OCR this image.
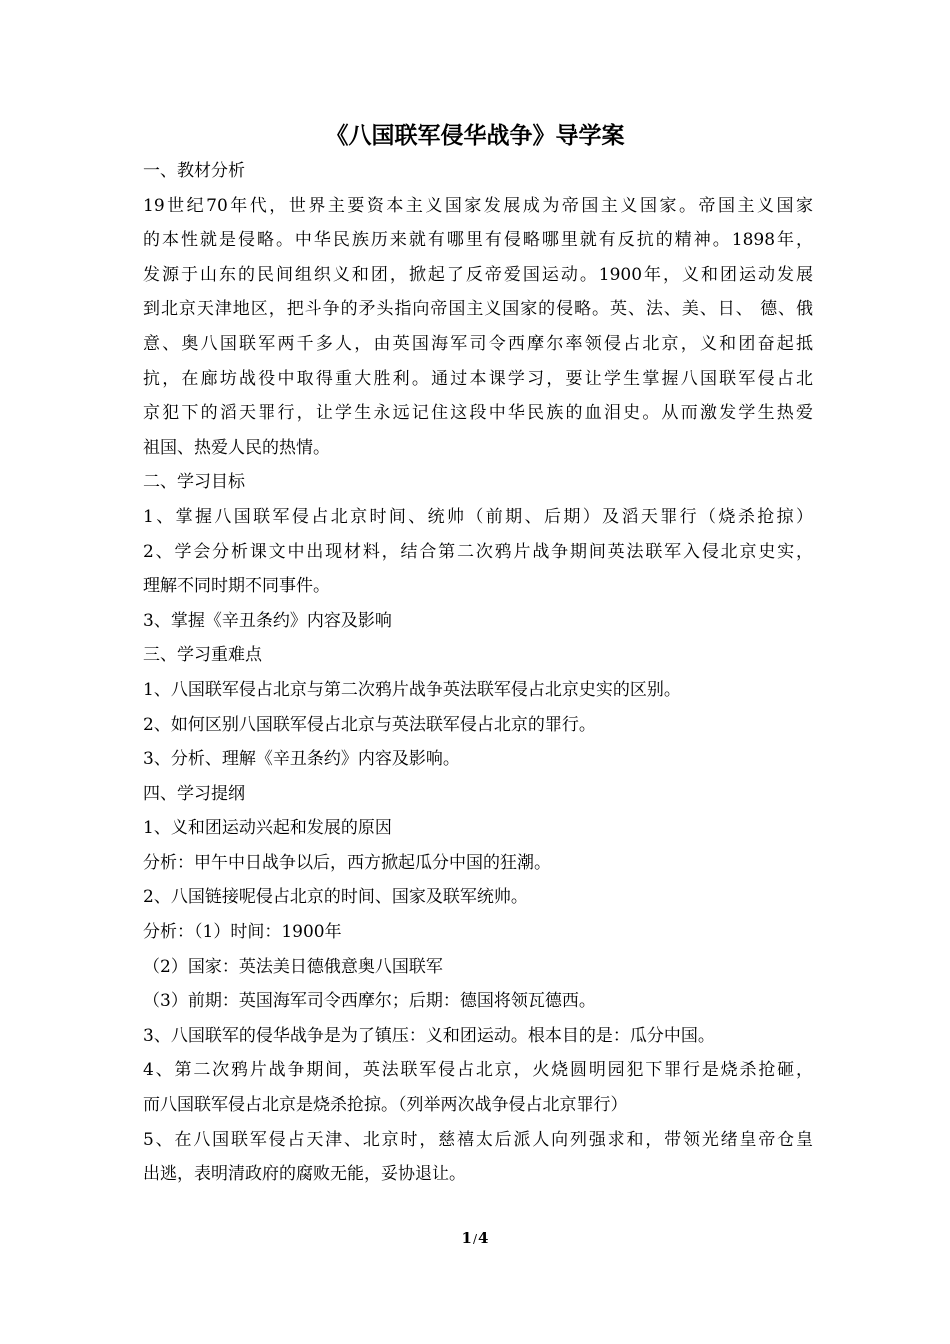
《八国联军侵华战争》导学案
一、教材分析
19世纪70年代，世界主要资本主义国家发展成为帝国主义国家。帝国主义国家
的本性就是侵略。中华民族历来就有哪里有侵略哪里就有反抗的精神。1898年，
发源于山东的民间组织义和团，掀起了反帝爱国运动。1900年，义和团运动发展
到北京天津地区，把斗争的矛头指向帝国主义国家的侵略。英、法、美、日、 德、俄
意、奥八国联军两千多人，由英国海军司令西摩尔率领侵占北京，义和团奋起抵
抗，在廊坊战役中取得重大胜利。通过本课学习，要让学生掌握八国联军侵占北
京犯下的滔天罪行，让学生永远记住这段中华民族的血泪史。从而激发学生热爱
祖国、热爱人民的热情。
二、学习目标
1、掌握八国联军侵占北京时间、统帅（前期、后期）及滔天罪行（烧杀抢掠）
2、学会分析课文中出现材料，结合第二次鸦片战争期间英法联军入侵北京史实，
理解不同时期不同事件。
3、掌握《辛丑条约》内容及影响
三、学习重难点
1、八国联军侵占北京与第二次鸦片战争英法联军侵占北京史实的区别。
2、如何区别八国联军侵占北京与英法联军侵占北京的罪行。
3、分析、理解《辛丑条约》内容及影响。
四、学习提纲
1、义和团运动兴起和发展的原因
分析：甲午中日战争以后，西方掀起瓜分中国的狂潮。
2、八国链接呢侵占北京的时间、国家及联军统帅。
分析：（1）时间：1900年
（2）国家：英法美日德俄意奥八国联军
（3）前期：英国海军司令西摩尔；后期：德国将领瓦德西。
3、八国联军的侵华战争是为了镇压：义和团运动。根本目的是：瓜分中国。
4、第二次鸦片战争期间，英法联军侵占北京，火烧圆明园犯下罪行是烧杀抢砸，
而八国联军侵占北京是烧杀抢掠。（列举两次战争侵占北京罪行）
5、在八国联军侵占天津、北京时，慈禧太后派人向列强求和，带领光绪皇帝仓皇
出逃，表明清政府的腐败无能，妥协退让。
1/4
